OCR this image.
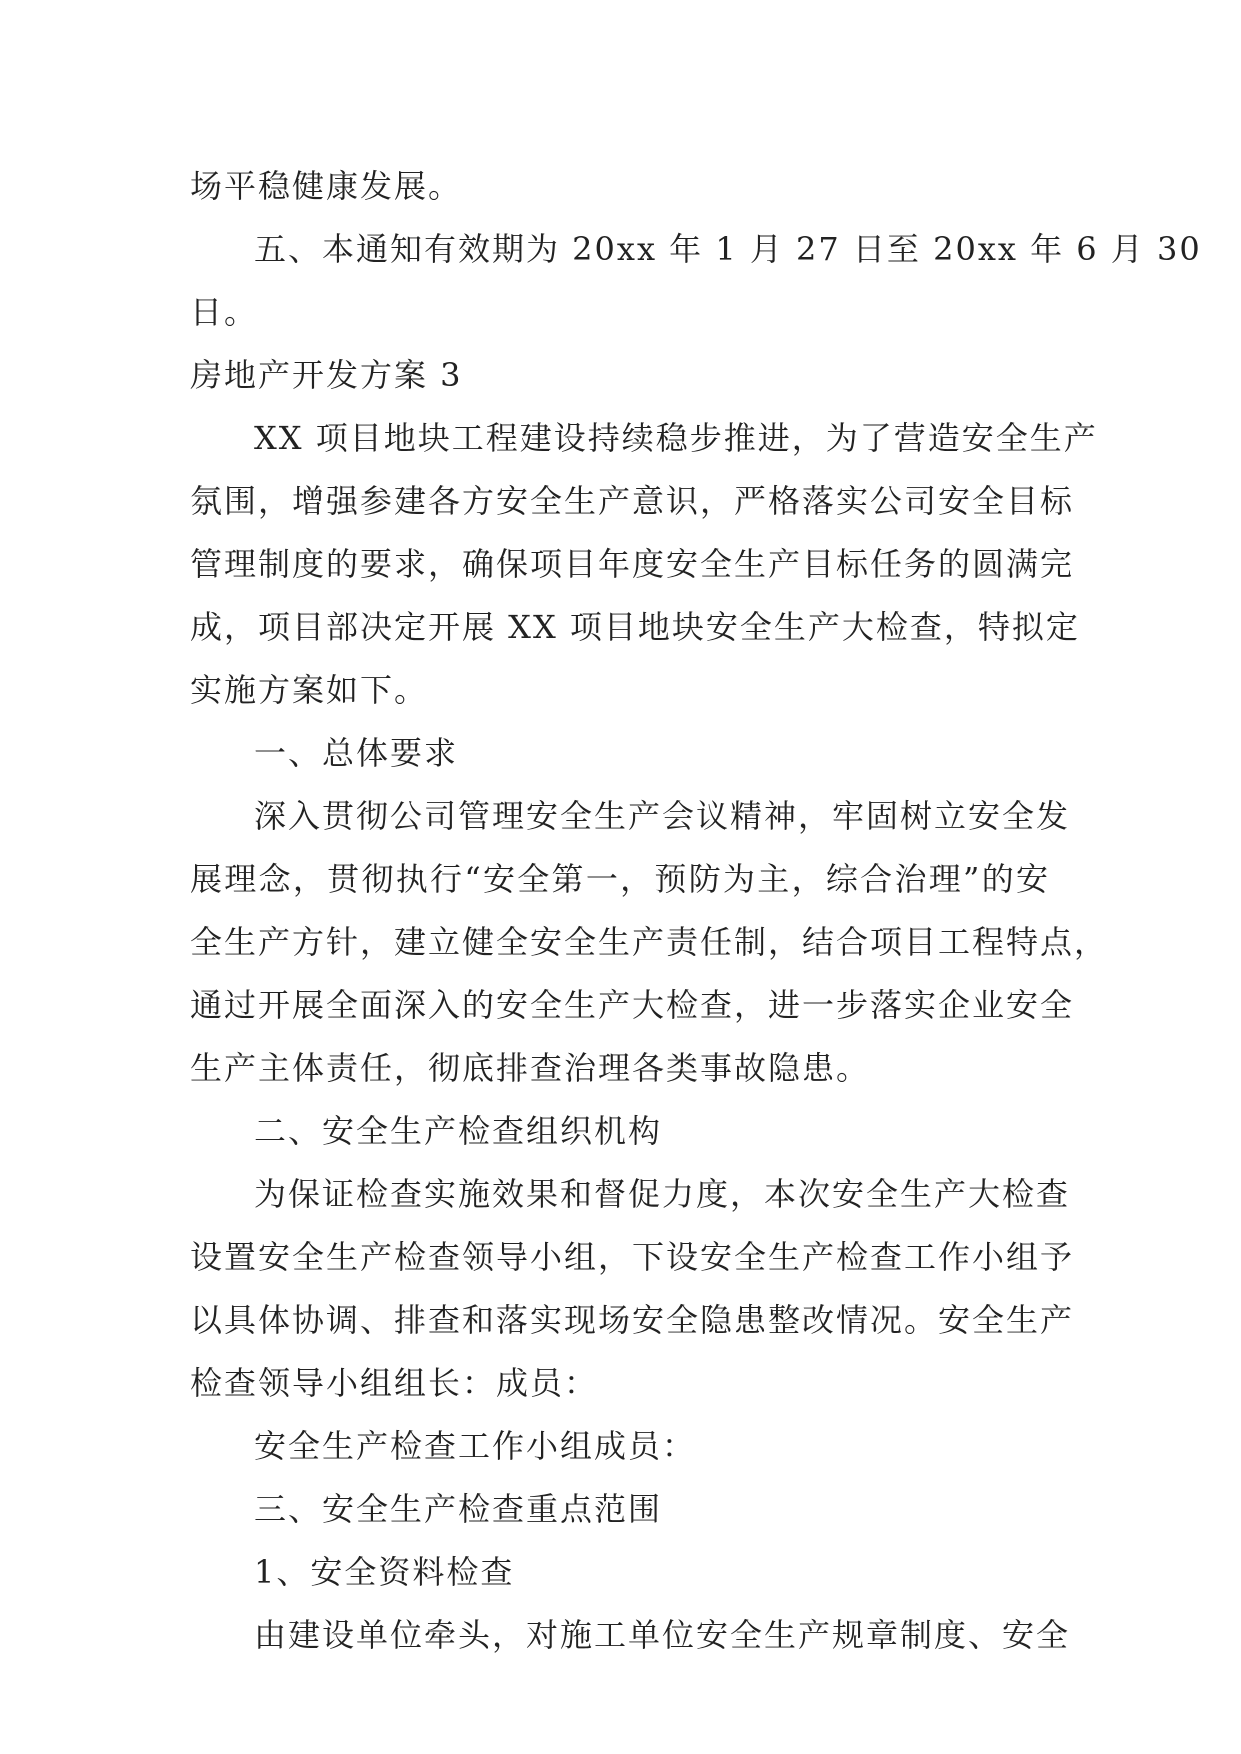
场平稳健康发展。
五、本通知有效期为 20xx 年 1 月 27 日至 20xx 年 6 月 30
日。
房地产开发方案 3
XX 项目地块工程建设持续稳步推进，为了营造安全生产
氛围，增强参建各方安全生产意识，严格落实公司安全目标
管理制度的要求，确保项目年度安全生产目标任务的圆满完
成，项目部决定开展 XX 项目地块安全生产大检查，特拟定
实施方案如下。
一、总体要求
深入贯彻公司管理安全生产会议精神，牢固树立安全发
展理念，贯彻执行“安全第一，预防为主，综合治理”的安
全生产方针，建立健全安全生产责任制，结合项目工程特点，
通过开展全面深入的安全生产大检查，进一步落实企业安全
生产主体责任，彻底排查治理各类事故隐患。
二、安全生产检查组织机构
为保证检查实施效果和督促力度，本次安全生产大检查
设置安全生产检查领导小组，下设安全生产检查工作小组予
以具体协调、排查和落实现场安全隐患整改情况。安全生产
检查领导小组组长：成员：
安全生产检查工作小组成员：
三、安全生产检查重点范围
1、安全资料检查
由建设单位牵头，对施工单位安全生产规章制度、安全
